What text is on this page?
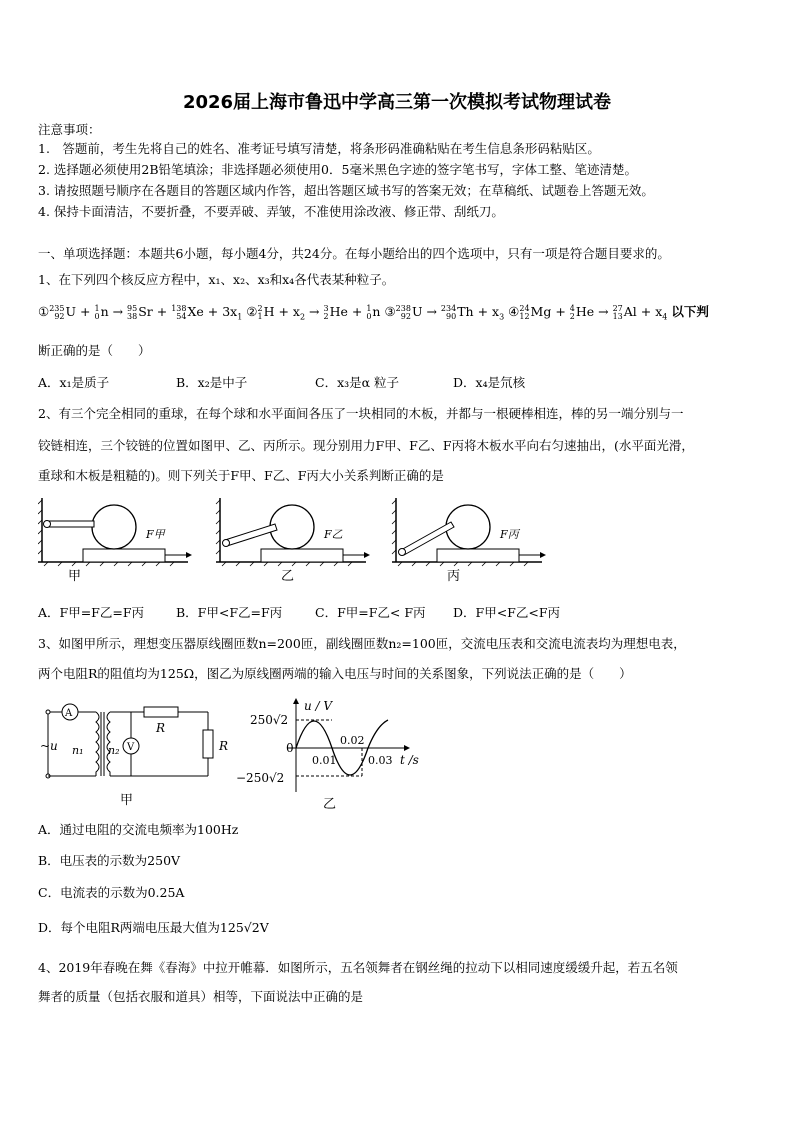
2026届上海市鲁迅中学高三第一次模拟考试物理试卷
注意事项：
1.　答题前，考生先将自己的姓名、准考证号填写清楚，将条形码准确粘贴在考生信息条形码粘贴区。
2. 选择题必须使用2B铅笔填涂；非选择题必须使用0．5毫米黑色字迹的签字笔书写，字体工整、笔迹清楚。
3. 请按照题号顺序在各题目的答题区域内作答，超出答题区域书写的答案无效；在草稿纸、试题卷上答题无效。
4. 保持卡面清洁，不要折叠，不要弄破、弄皱，不准使用涂改液、修正带、刮纸刀。
一、单项选择题：本题共6小题，每小题4分，共24分。在每小题给出的四个选项中，只有一项是符合题目要求的。
1、在下列四个核反应方程中，x₁、x₂、x₃和x₄各代表某种粒子。
①235
92U + 1
0n → 95
38Sr + 138
$54Xe + 3x_1$ ②2
$1H + x_2 \to 3$
2He + 1
0n ③238
92U → 234
$90Th + x_3$ ④24
12Mg + 4
2He → 27
$13Al + x_4$ 以下判
断正确的是（　　）
A．x₁是质子	B．x₂是中子	C．x₃是α 粒子	D．x₄是氘核
2、有三个完全相同的重球，在每个球和水平面间各压了一块相同的木板，并都与一根硬棒相连，棒的另一端分别与一
铰链相连，三个铰链的位置如图甲、乙、丙所示。现分别用力F甲、F乙、F丙将木板水平向右匀速抽出，(水平面光滑，
重球和木板是粗糙的)。则下列关于F甲、F乙、F丙大小关系判断正确的是
F甲
甲
F乙
乙
F丙
丙
A．F甲=F乙=F丙	B．F甲<F乙=F丙	C．F甲=F乙< F丙 D．F甲<F乙<F丙
3、如图甲所示，理想变压器原线圈匝数n=200匝，副线圈匝数n₂=100匝，交流电压表和交流电流表均为理想电表，
两个电阻R的阻值均为125Ω，图乙为原线圈两端的输入电压与时间的关系图象，下列说法正确的是（　　）
A
~u n₁ n₂ V
R
R
甲
u / V
t /s
250√2
0
−250√2
0.01
0.02
0.03
乙
A．通过电阻的交流电频率为100Hz
B．电压表的示数为250V
C．电流表的示数为0.25A
D．每个电阻R两端电压最大值为125√2V
4、2019年春晚在舞《春海》中拉开帷幕．如图所示，五名领舞者在钢丝绳的拉动下以相同速度缓缓升起，若五名领
舞者的质量（包括衣服和道具）相等，下面说法中正确的是
